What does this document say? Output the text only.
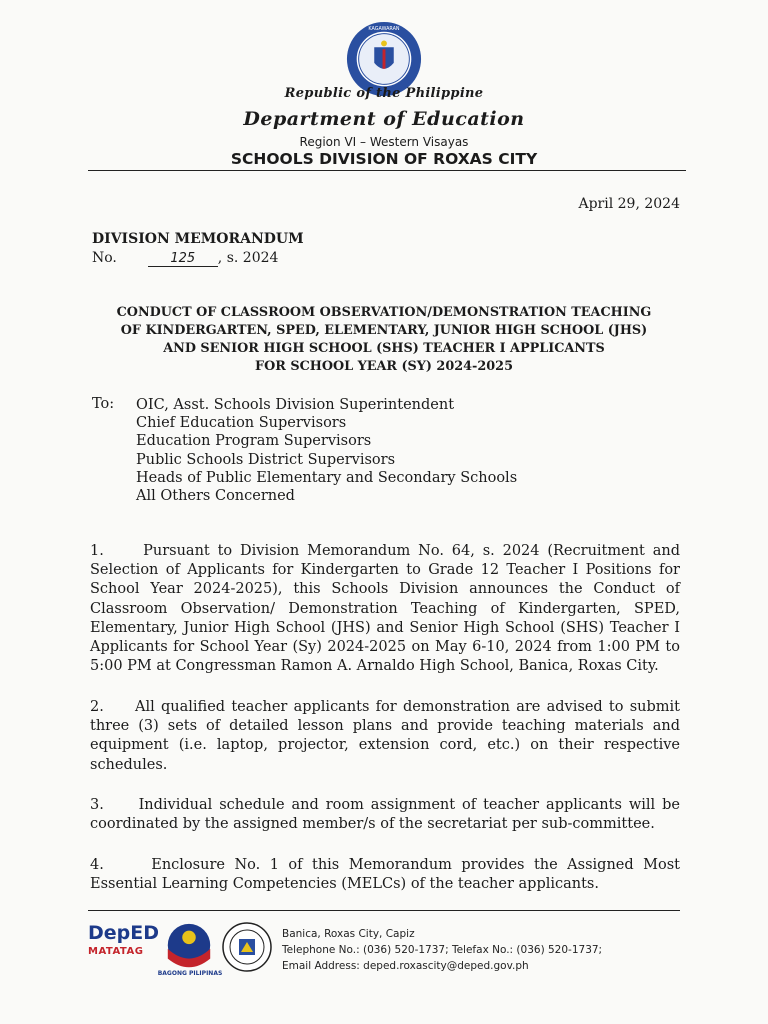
KAGAWARAN
Republic of the Philippine
Department of Education
Region VI – Western Visayas
SCHOOLS DIVISION OF ROXAS CITY
April 29, 2024
DIVISION MEMORANDUM
No.	125 , s. 2024
CONDUCT OF CLASSROOM OBSERVATION/DEMONSTRATION TEACHING
OF KINDERGARTEN, SPED, ELEMENTARY, JUNIOR HIGH SCHOOL (JHS)
AND SENIOR HIGH SCHOOL (SHS) TEACHER I APPLICANTS
FOR SCHOOL YEAR (SY) 2024-2025
To: OIC, Asst. Schools Division Superintendent
Chief Education Supervisors
Education Program Supervisors
Public Schools District Supervisors
Heads of Public Elementary and Secondary Schools
All Others Concerned
1.     Pursuant to Division Memorandum No. 64, s. 2024 (Recruitment and Selection of Applicants for Kindergarten to Grade 12 Teacher I Positions for School Year 2024-2025), this Schools Division announces the Conduct of Classroom Observation/ Demonstration Teaching of Kindergarten, SPED, Elementary, Junior High School (JHS) and Senior High School (SHS) Teacher I Applicants for School Year (Sy) 2024-2025 on May 6-10, 2024 from 1:00 PM to 5:00 PM at Congressman Ramon A. Arnaldo High School, Banica, Roxas City.
2.     All qualified teacher applicants for demonstration are advised to submit three (3) sets of detailed lesson plans and provide teaching materials and equipment (i.e. laptop, projector, extension cord, etc.) on their respective schedules.
3.     Individual schedule and room assignment of teacher applicants will be coordinated by the assigned member/s of the secretariat per sub-committee.
4.     Enclosure No. 1 of this Memorandum provides the Assigned Most Essential Learning Competencies (MELCs) of the teacher applicants.
DepED
MATATAG
BAGONG PILIPINAS
Banica, Roxas City, Capiz
Telephone No.: (036) 520-1737; Telefax No.: (036) 520-1737;
Email Address: deped.roxascity@deped.gov.ph
